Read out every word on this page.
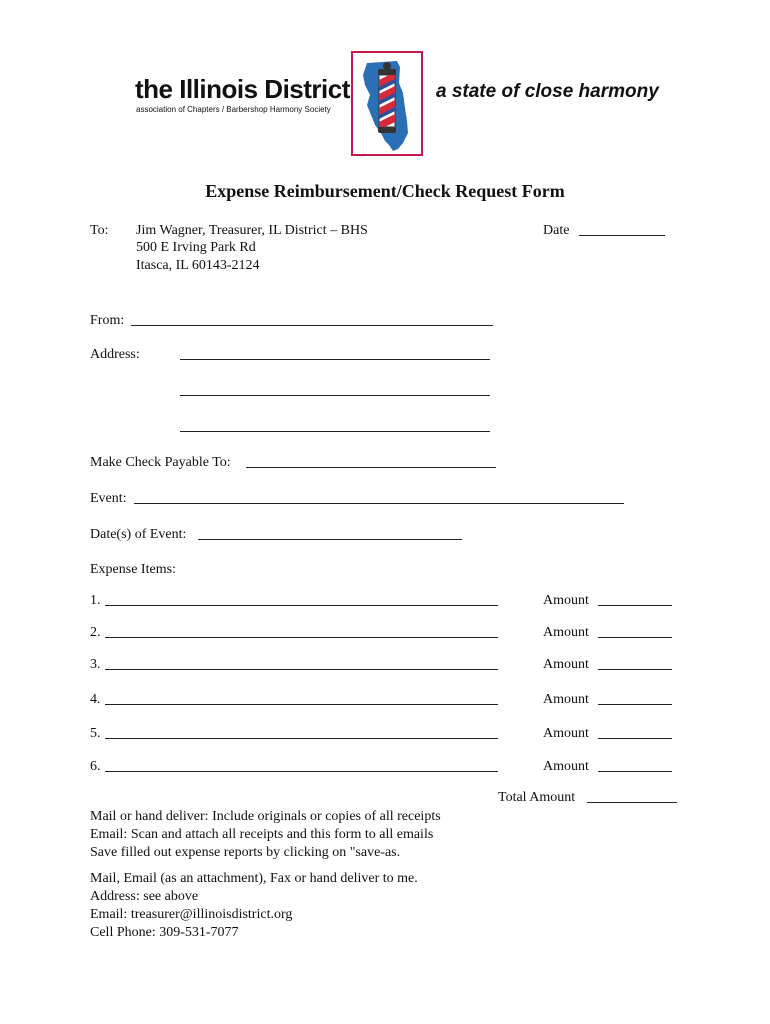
the Illinois District
association of Chapters / Barbershop Harmony Society
a state of close harmony
Expense Reimbursement/Check Request Form
To: Jim Wagner, Treasurer, IL District – BHS
500 E Irving Park Rd
Itasca, IL 60143-2124
Date
From:
Address:
Make Check Payable To:
Event:
Date(s) of Event:
Expense Items:
1.	Amount
2.	Amount
3.	Amount
4.	Amount
5.	Amount
6.	Amount
Total Amount
Mail or hand deliver: Include originals or copies of all receipts
Email: Scan and attach all receipts and this form to all emails
Save filled out expense reports by clicking on "save-as.
Mail, Email (as an attachment), Fax or hand deliver to me.
Address: see above
Email: treasurer@illinoisdistrict.org
Cell Phone: 309-531-7077
